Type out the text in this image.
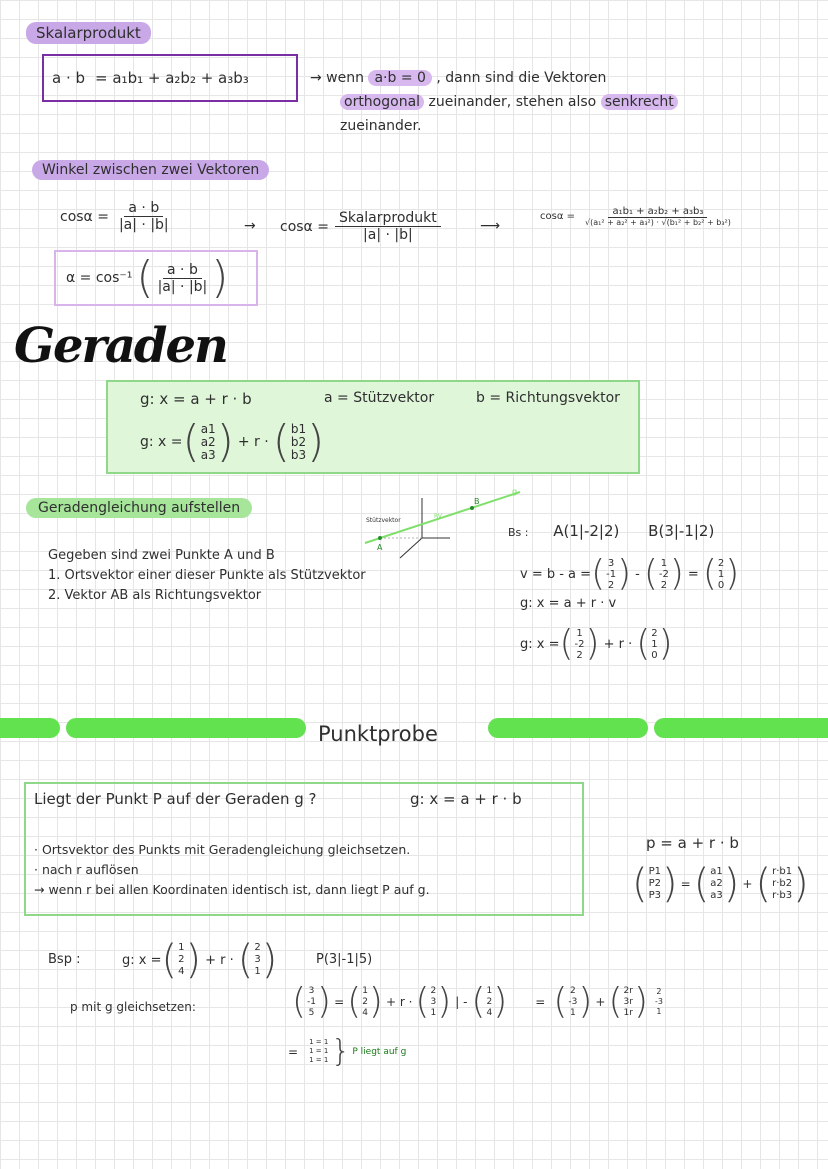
Skalarprodukt
a · b = a₁b₁ + a₂b₂ + a₃b₃	→ wenn a·b = 0 , dann sind die Vektoren
orthogonal zueinander, stehen also senkrecht
zueinander.
Winkel zwischen zwei Vektoren
$\cos\alpha = \frac{a \cdot b}{|a| \cdot |b|}$	→ $\cos\alpha = \frac{\text{Skalarprodukt}}{|a| \cdot |b|}$	⟶
$\cos\alpha = \frac{\text{a₁b₁ + a₂b₂ + a₃b₃}}{\text{√(a₁² + a₂² + a₃²) · √(b₁² + b₂² + b₃²)}}$
α = cos⁻¹ ( $\frac{a \cdot b}{|a| \cdot |b|}$ )
Geraden
g: x = a + r · b	a = Stützvektor	b = Richtungsvektor
g: x = ( a1
a2
a3 ) + r · ( b1
b2
b3 )
Geradengleichung aufstellen
Gegeben sind zwei Punkte A und B
1. Ortsvektor einer dieser Punkte als Stützvektor
2. Vektor AB als Richtungsvektor
Stützvektor
A
B
RV
g
Bs : A(1|-2|2) B(3|-1|2)
v = b - a = ( 3
-1
2 ) - ( 1
-2
2 ) = ( 2
1
0 )
g: x = a + r · v
g: x = ( 1
-2
2 ) + r · ( 2
1
0 )
Punktprobe
Liegt der Punkt P auf der Geraden g ?	g: x = a + r · b
· Ortsvektor des Punkts mit Geradengleichung gleichsetzen.
· nach r auflösen
→ wenn r bei allen Koordinaten identisch ist, dann liegt P auf g.
p = a + r · b
( P1
P2
P3 ) = ( a1
a2
a3 ) + ( r·b1
r·b2
r·b3 )
Bsp :	g: x = ( 1
2
4 ) + r · ( 2
3
1 )	P(3|-1|5)
p mit g gleichsetzen:	( 3
-1
5 ) = ( 1
2
4 ) + r · ( 2
3
1 ) | - ( 1
2
4 ) = ( 2
-3
1 ) + ( 2r
3r
1r ) 2
-3
1
=
1 = 1
1 = 1
1 = 1 } P liegt auf g
